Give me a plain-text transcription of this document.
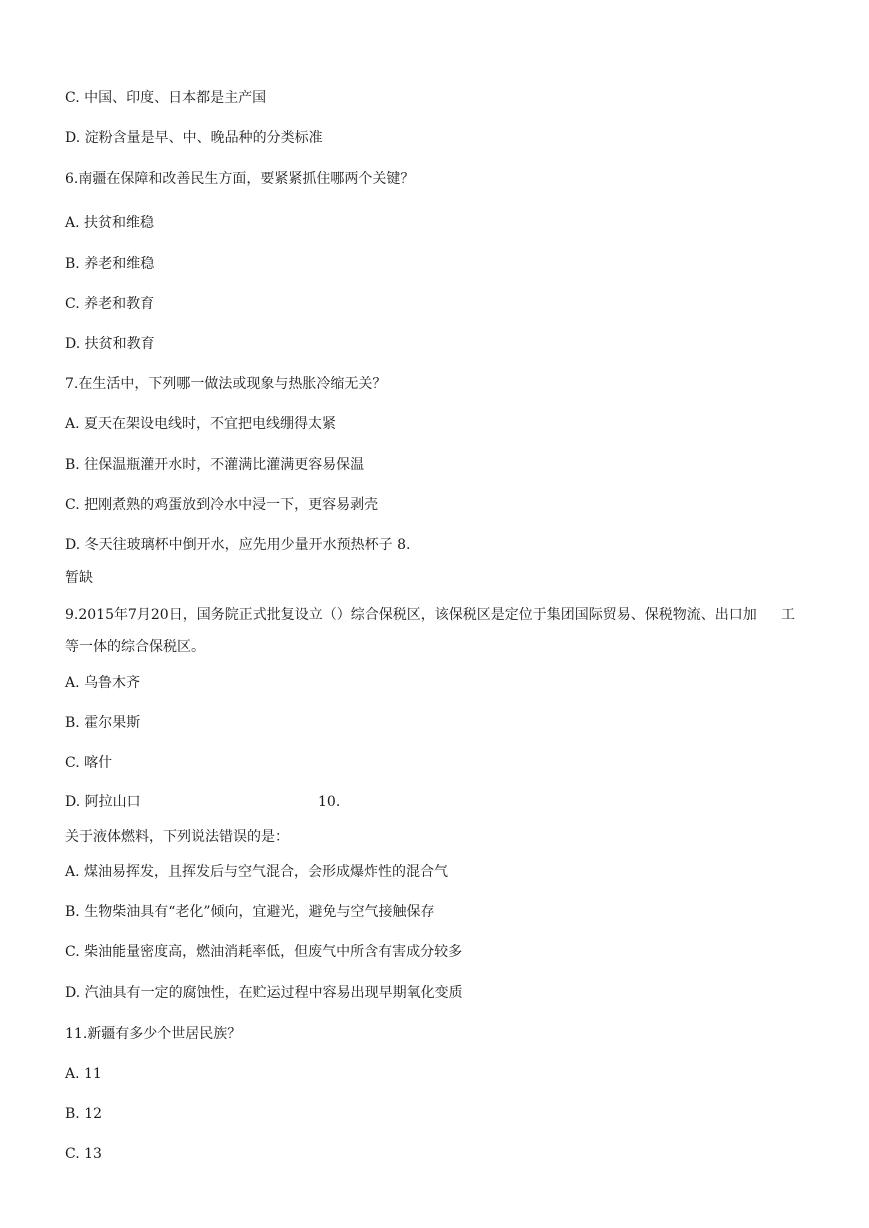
C. 中国、印度、日本都是主产国

D. 淀粉含量是早、中、晚品种的分类标准

6.南疆在保障和改善民生方面，要紧紧抓住哪两个关键？

A. 扶贫和维稳

B. 养老和维稳

C. 养老和教育

D. 扶贫和教育

7.在生活中，下列哪一做法或现象与热胀冷缩无关？

A. 夏天在架设电线时，不宜把电线绷得太紧

B. 往保温瓶灌开水时，不灌满比灌满更容易保温

C. 把刚煮熟的鸡蛋放到冷水中浸一下，更容易剥壳

D. 冬天往玻璃杯中倒开水，应先用少量开水预热杯子 8.

暂缺

9.2015年7月20日，国务院正式批复设立（）综合保税区，该保税区是定位于集团国际贸易、保税物流、出口加 工

等一体的综合保税区。

A. 乌鲁木齐

B. 霍尔果斯

C. 喀什

D. 阿拉山口	10.

关于液体燃料，下列说法错误的是：

A. 煤油易挥发，且挥发后与空气混合，会形成爆炸性的混合气

B. 生物柴油具有“老化”倾向，宜避光，避免与空气接触保存

C. 柴油能量密度高，燃油消耗率低，但废气中所含有害成分较多

D. 汽油具有一定的腐蚀性，在贮运过程中容易出现早期氧化变质

11.新疆有多少个世居民族？

A. 11

B. 12

C. 13
